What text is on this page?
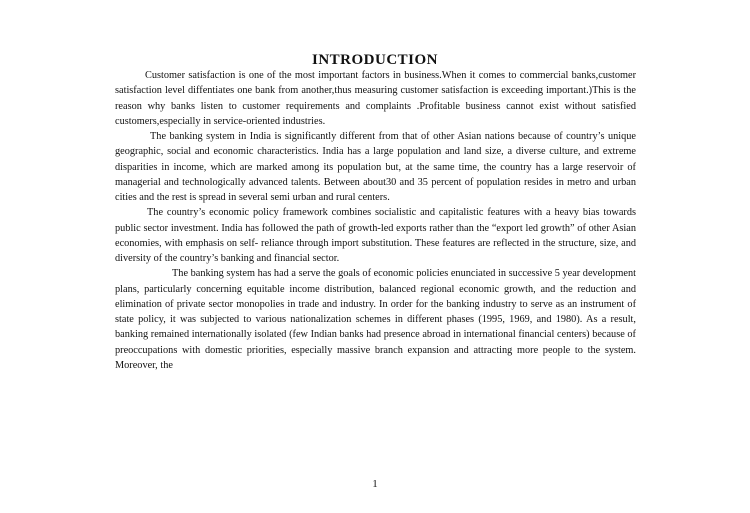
INTRODUCTION

Customer satisfaction is one of the most important factors in business.When it comes to commercial banks,customer satisfaction level diffentiates one bank from another,thus measuring customer satisfaction is exceeding important.)This is the reason why banks listen to customer requirements and complaints .Profitable business cannot exist without satisfied customers,especially in service-oriented industries.

The banking system in India is significantly different from that of other Asian nations because of country’s unique geographic, social and economic characteristics. India has a large population and land size, a diverse culture, and extreme disparities in income, which are marked among its population but, at the same time, the country has a large reservoir of managerial and technologically advanced talents. Between about30 and 35 percent of population resides in metro and urban cities and the rest is spread in several semi urban and rural centers.

The country’s economic policy framework combines socialistic and capitalistic features with a heavy bias towards public sector investment. India has followed the path of growth-led exports rather than the “export led growth” of other Asian economies, with emphasis on self- reliance through import substitution. These features are reflected in the structure, size, and diversity of the country’s banking and financial sector.

The banking system has had a serve the goals of economic policies enunciated in successive 5 year development plans, particularly concerning equitable income distribution, balanced regional economic growth, and the reduction and elimination of private sector monopolies in trade and industry. In order for the banking industry to serve as an instrument of state policy, it was subjected to various nationalization schemes in different phases (1995, 1969, and 1980). As a result, banking remained internationally isolated (few Indian banks had presence abroad in international financial centers) because of preoccupations with domestic priorities, especially massive branch expansion and attracting more people to the system. Moreover, the

1
